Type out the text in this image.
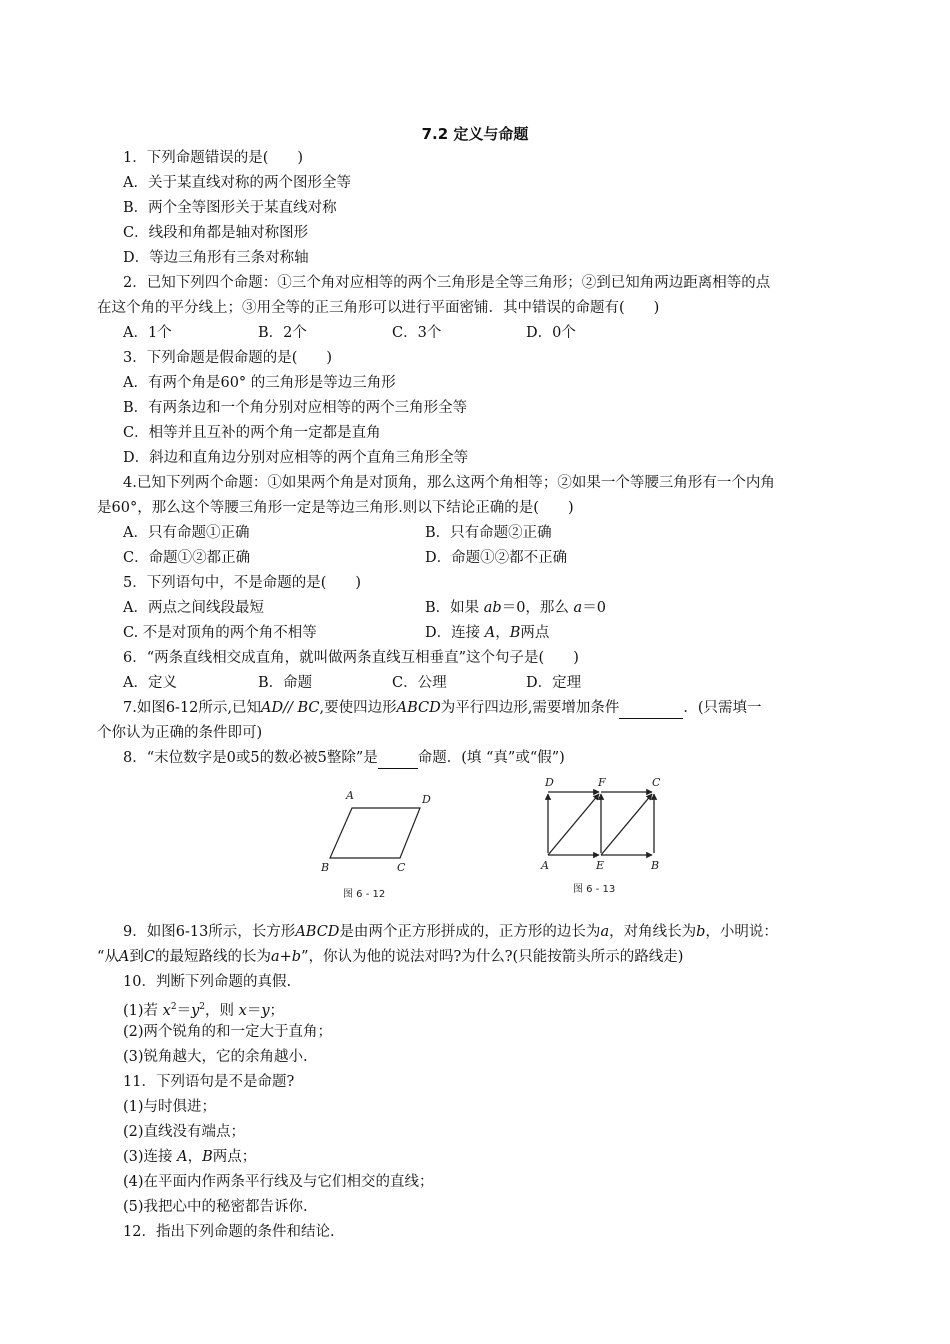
7.2 定义与命题
1．下列命题错误的是(　　)
A．关于某直线对称的两个图形全等
B．两个全等图形关于某直线对称
C．线段和角都是轴对称图形
D．等边三角形有三条对称轴
2．已知下列四个命题：①三个角对应相等的两个三角形是全等三角形；②到已知角两边距离相等的点
在这个角的平分线上；③用全等的正三角形可以进行平面密铺．其中错误的命题有(　　)
A．1个	B．2个	C．3个	D．0个
3．下列命题是假命题的是(　　)
A．有两个角是60° 的三角形是等边三角形
B．有两条边和一个角分别对应相等的两个三角形全等
C．相等并且互补的两个角一定都是直角
D．斜边和直角边分别对应相等的两个直角三角形全等
4.已知下列两个命题：①如果两个角是对顶角，那么这两个角相等；②如果一个等腰三角形有一个内角
是60°，那么这个等腰三角形一定是等边三角形.则以下结论正确的是(　　)
A．只有命题①正确	B．只有命题②正确
C．命题①②都正确	D．命题①②都不正确
5．下列语句中，不是命题的是(　　)
A．两点之间线段最短	B．如果 ab＝0，那么 a＝0
C. 不是对顶角的两个角不相等	D．连接 A，B两点
6．“两条直线相交成直角，就叫做两条直线互相垂直”这个句子是(　　)
A．定义	B．命题	C．公理	D．定理
7.如图6-12所示,已知AD// BC,要使四边形ABCD为平行四边形,需要增加条件	．(只需填一
个你认为正确的条件即可)
8．“末位数字是0或5的数必被5整除”是	命题．(填 “真”或“假”)
A	D
B	C
图 6 - 12
D	F	C
A	E	B
图 6 - 13
9．如图6-13所示，长方形ABCD是由两个正方形拼成的，正方形的边长为a，对角线长为b，小明说：
“从A到C的最短路线的长为a+b”，你认为他的说法对吗?为什么?(只能按箭头所示的路线走)
10．判断下列命题的真假.
(1)若 $x^2=y^2$，则 x＝y；
(2)两个锐角的和一定大于直角；
(3)锐角越大，它的余角越小.
11．下列语句是不是命题?
(1)与时俱进；
(2)直线没有端点；
(3)连接 A，B两点；
(4)在平面内作两条平行线及与它们相交的直线；
(5)我把心中的秘密都告诉你.
12．指出下列命题的条件和结论.
